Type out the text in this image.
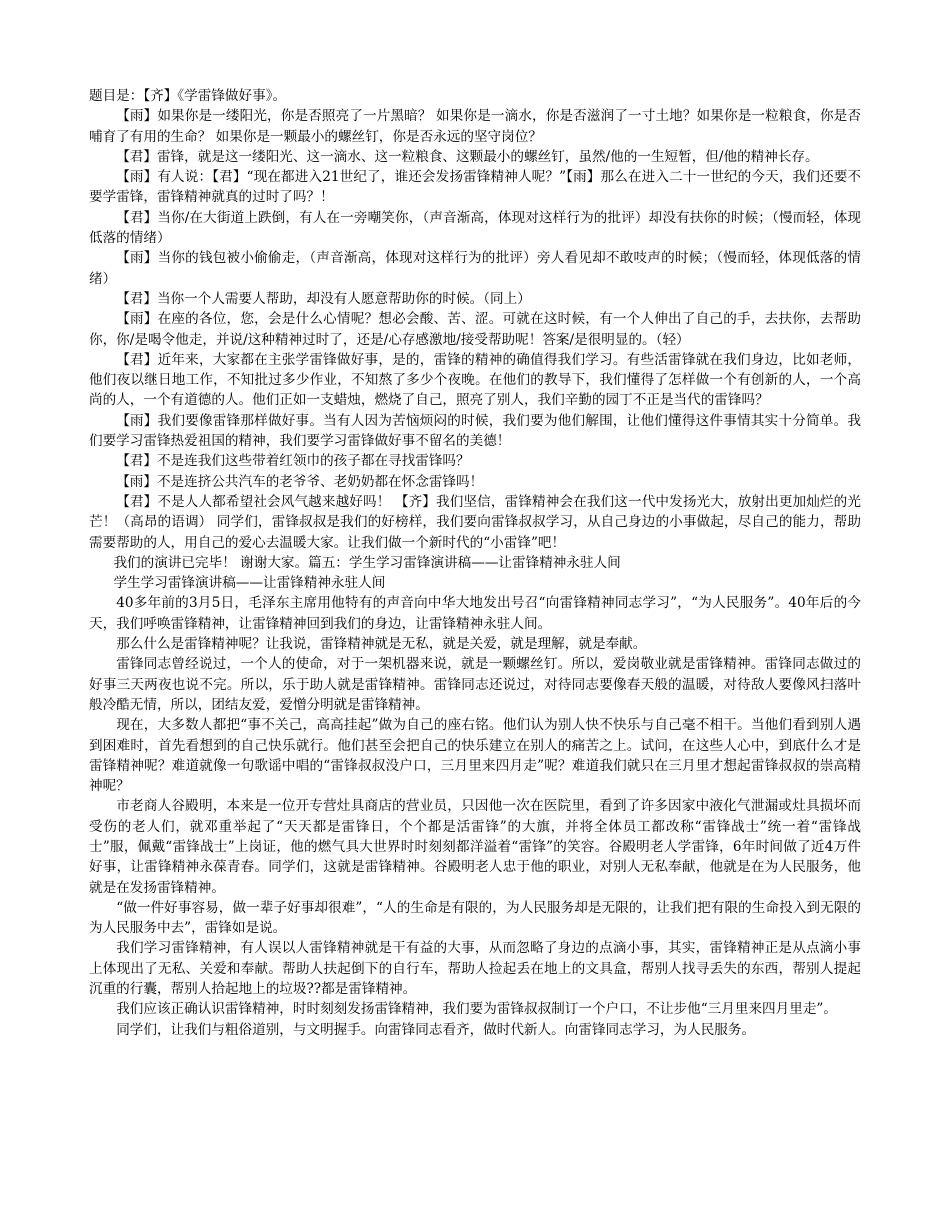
题目是：【齐】《学雷锋做好事》。

【雨】如果你是一缕阳光，你是否照亮了一片黑暗？ 如果你是一滴水，你是否滋润了一寸土地？如果你是一粒粮食，你是否哺育了有用的生命？ 如果你是一颗最小的螺丝钉，你是否永远的坚守岗位？

【君】雷锋，就是这一缕阳光、这一滴水、这一粒粮食、这颗最小的螺丝钉，虽然/他的一生短暂，但/他的精神长存。

【雨】有人说：【君】“现在都进入21世纪了，谁还会发扬雷锋精神人呢？”【雨】那么在进入二十一世纪的今天，我们还要不要学雷锋，雷锋精神就真的过时了吗？！

【君】当你/在大街道上跌倒，有人在一旁嘲笑你，（声音渐高，体现对这样行为的批评）却没有扶你的时候；（慢而轻，体现低落的情绪）

【雨】当你的钱包被小偷偷走，（声音渐高，体现对这样行为的批评）旁人看见却不敢吱声的时候；（慢而轻，体现低落的情绪）

【君】当你一个人需要人帮助，却没有人愿意帮助你的时候。（同上）

【雨】在座的各位，您，会是什么心情呢？想必会酸、苦、涩。可就在这时候，有一个人伸出了自己的手，去扶你，去帮助你，你/是喝令他走，并说/这种精神过时了，还是/心存感激地/接受帮助呢！答案/是很明显的。（轻）

【君】近年来，大家都在主张学雷锋做好事，是的，雷锋的精神的确值得我们学习。有些活雷锋就在我们身边，比如老师，他们夜以继日地工作，不知批过多少作业，不知熬了多少个夜晚。在他们的教导下，我们懂得了怎样做一个有创新的人，一个高尚的人，一个有道德的人。他们正如一支蜡烛，燃烧了自己，照亮了别人，我们辛勤的园丁不正是当代的雷锋吗？

【雨】我们要像雷锋那样做好事。当有人因为苦恼烦闷的时候，我们要为他们解围，让他们懂得这件事情其实十分简单。我们要学习雷锋热爱祖国的精神，我们要学习雷锋做好事不留名的美德！

【君】不是连我们这些带着红领巾的孩子都在寻找雷锋吗？

【雨】不是连挤公共汽车的老爷爷、老奶奶都在怀念雷锋吗！

【君】不是人人都希望社会风气越来越好吗！ 【齐】我们坚信，雷锋精神会在我们这一代中发扬光大，放射出更加灿烂的光芒！（高昂的语调） 同学们，雷锋叔叔是我们的好榜样，我们要向雷锋叔叔学习，从自己身边的小事做起，尽自己的能力，帮助需要帮助的人，用自己的爱心去温暖大家。让我们做一个新时代的“小雷锋”吧！

我们的演讲已完毕！ 谢谢大家。篇五：学生学习雷锋演讲稿——让雷锋精神永驻人间

学生学习雷锋演讲稿——让雷锋精神永驻人间

40多年前的3月5日，毛泽东主席用他特有的声音向中华大地发出号召“向雷锋精神同志学习”，“为人民服务”。40年后的今天，我们呼唤雷锋精神，让雷锋精神回到我们的身边，让雷锋精神永驻人间。

那么什么是雷锋精神呢？让我说，雷锋精神就是无私，就是关爱，就是理解，就是奉献。

雷锋同志曾经说过，一个人的使命，对于一架机器来说，就是一颗螺丝钉。所以，爱岗敬业就是雷锋精神。雷锋同志做过的好事三天两夜也说不完。所以，乐于助人就是雷锋精神。雷锋同志还说过，对待同志要像春天般的温暖，对待敌人要像风扫落叶般冷酷无情，所以，团结友爱，爱憎分明就是雷锋精神。

现在，大多数人都把“事不关己，高高挂起”做为自己的座右铭。他们认为别人快不快乐与自己毫不相干。当他们看到别人遇到困难时，首先看想到的自己快乐就行。他们甚至会把自己的快乐建立在别人的痛苦之上。试问，在这些人心中，到底什么才是雷锋精神呢？难道就像一句歌谣中唱的“雷锋叔叔没户口，三月里来四月走”呢？难道我们就只在三月里才想起雷锋叔叔的崇高精神呢？

市老商人谷殿明，本来是一位开专营灶具商店的营业员，只因他一次在医院里，看到了许多因家中液化气泄漏或灶具损坏而受伤的老人们，就邓重举起了“天天都是雷锋日，个个都是活雷锋”的大旗，并将全体员工都改称“雷锋战士”统一着“雷锋战士”服，佩戴“雷锋战士”上岗证，他的燃气具大世界时时刻刻都洋溢着“雷锋”的笑容。谷殿明老人学雷锋，6年时间做了近4万件好事，让雷锋精神永葆青春。同学们，这就是雷锋精神。谷殿明老人忠于他的职业，对别人无私奉献，他就是在为人民服务，他就是在发扬雷锋精神。

“做一件好事容易，做一辈子好事却很难”，“人的生命是有限的，为人民服务却是无限的，让我们把有限的生命投入到无限的为人民服务中去”，雷锋如是说。

我们学习雷锋精神，有人误以人雷锋精神就是干有益的大事，从而忽略了身边的点滴小事，其实，雷锋精神正是从点滴小事上体现出了无私、关爱和奉献。帮助人扶起倒下的自行车，帮助人捡起丢在地上的文具盒，帮别人找寻丢失的东西，帮别人提起沉重的行囊，帮别人拾起地上的垃圾??都是雷锋精神。

我们应该正确认识雷锋精神，时时刻刻发扬雷锋精神，我们要为雷锋叔叔制订一个户口，不让步他“三月里来四月里走”。

同学们，让我们与粗俗道别，与文明握手。向雷锋同志看齐，做时代新人。向雷锋同志学习，为人民服务。
